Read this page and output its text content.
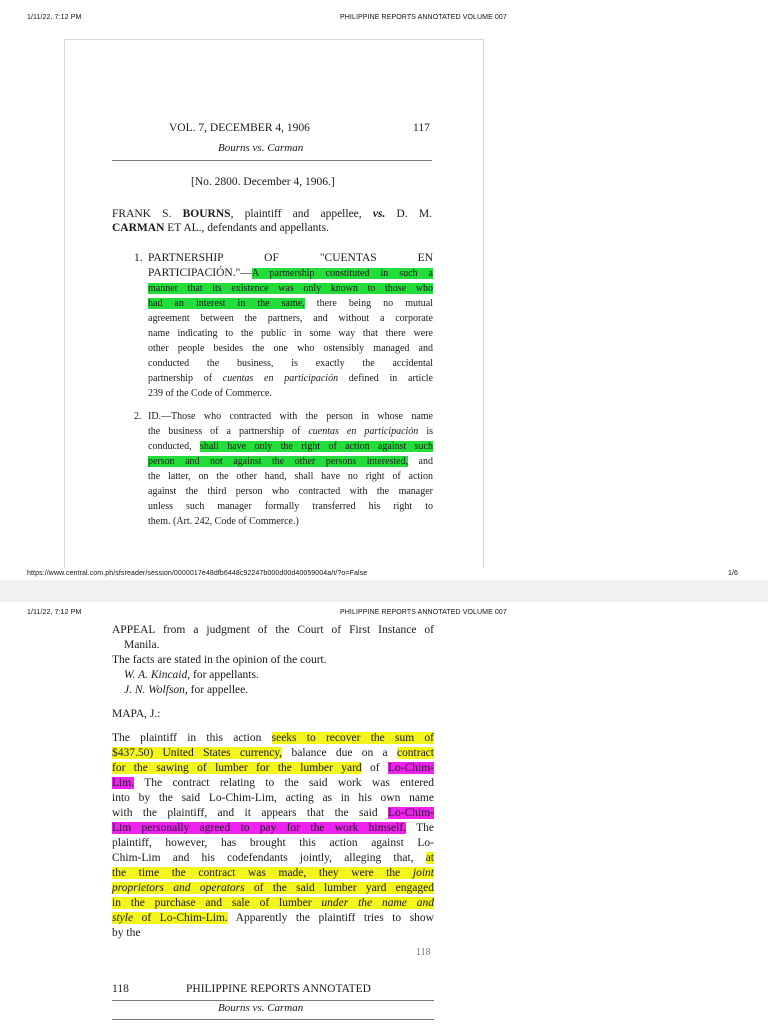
1/11/22, 7:12 PM	PHILIPPINE REPORTS ANNOTATED VOLUME 007
VOL. 7, DECEMBER 4, 1906	117
Bourns vs. Carman
[No. 2800. December 4, 1906.]
FRANK S. BOURNS, plaintiff and appellee, vs. D. M.
CARMAN ET AL., defendants and appellants.
1. PARTNERSHIP OF "CUENTAS EN
PARTICIPACIÓN."—A partnership constituted in such a
manner that its existence was only known to those who
had an interest in the same, there being no mutual
agreement between the partners, and without a corporate
name indicating to the public in some way that there were
other people besides the one who ostensibly managed and
conducted the business, is exactly the accidental
partnership of cuentas en participación defined in article
239 of the Code of Commerce.
2. ID.—Those who contracted with the person in whose name
the business of a partnership of cuentas en participación is
conducted, shall have only the right of action against such
person and not against the other persons interested, and
the latter, on the other hand, shall have no right of action
against the third person who contracted with the manager
unless such manager formally transferred his right to
them. (Art. 242, Code of Commerce.)
https://www.central.com.ph/sfsreader/session/0000017e48dfb6448c92247b000d00d40059004a/t/?o=False	1/6
1/11/22, 7:12 PM	PHILIPPINE REPORTS ANNOTATED VOLUME 007
APPEAL from a judgment of the Court of First Instance of
Manila.
The facts are stated in the opinion of the court.
W. A. Kincaid, for appellants.
J. N. Wolfson, for appellee.
MAPA, J.:
The plaintiff in this action seeks to recover the sum of
$437.50) United States currency, balance due on a contract
for the sawing of lumber for the lumber yard of Lo-Chim-
Lim. The contract relating to the said work was entered
into by the said Lo-Chim-Lim, acting as in his own name
with the plaintiff, and it appears that the said Lo-Chim-
Lim personally agreed to pay for the work himself. The
plaintiff, however, has brought this action against Lo-
Chim-Lim and his codefendants jointly, alleging that, at
the time the contract was made, they were the joint
proprietors and operators of the said lumber yard engaged
in the purchase and sale of lumber under the name and
style of Lo-Chim-Lim. Apparently the plaintiff tries to show
by the
118
118	PHILIPPINE REPORTS ANNOTATED
Bourns vs. Carman
